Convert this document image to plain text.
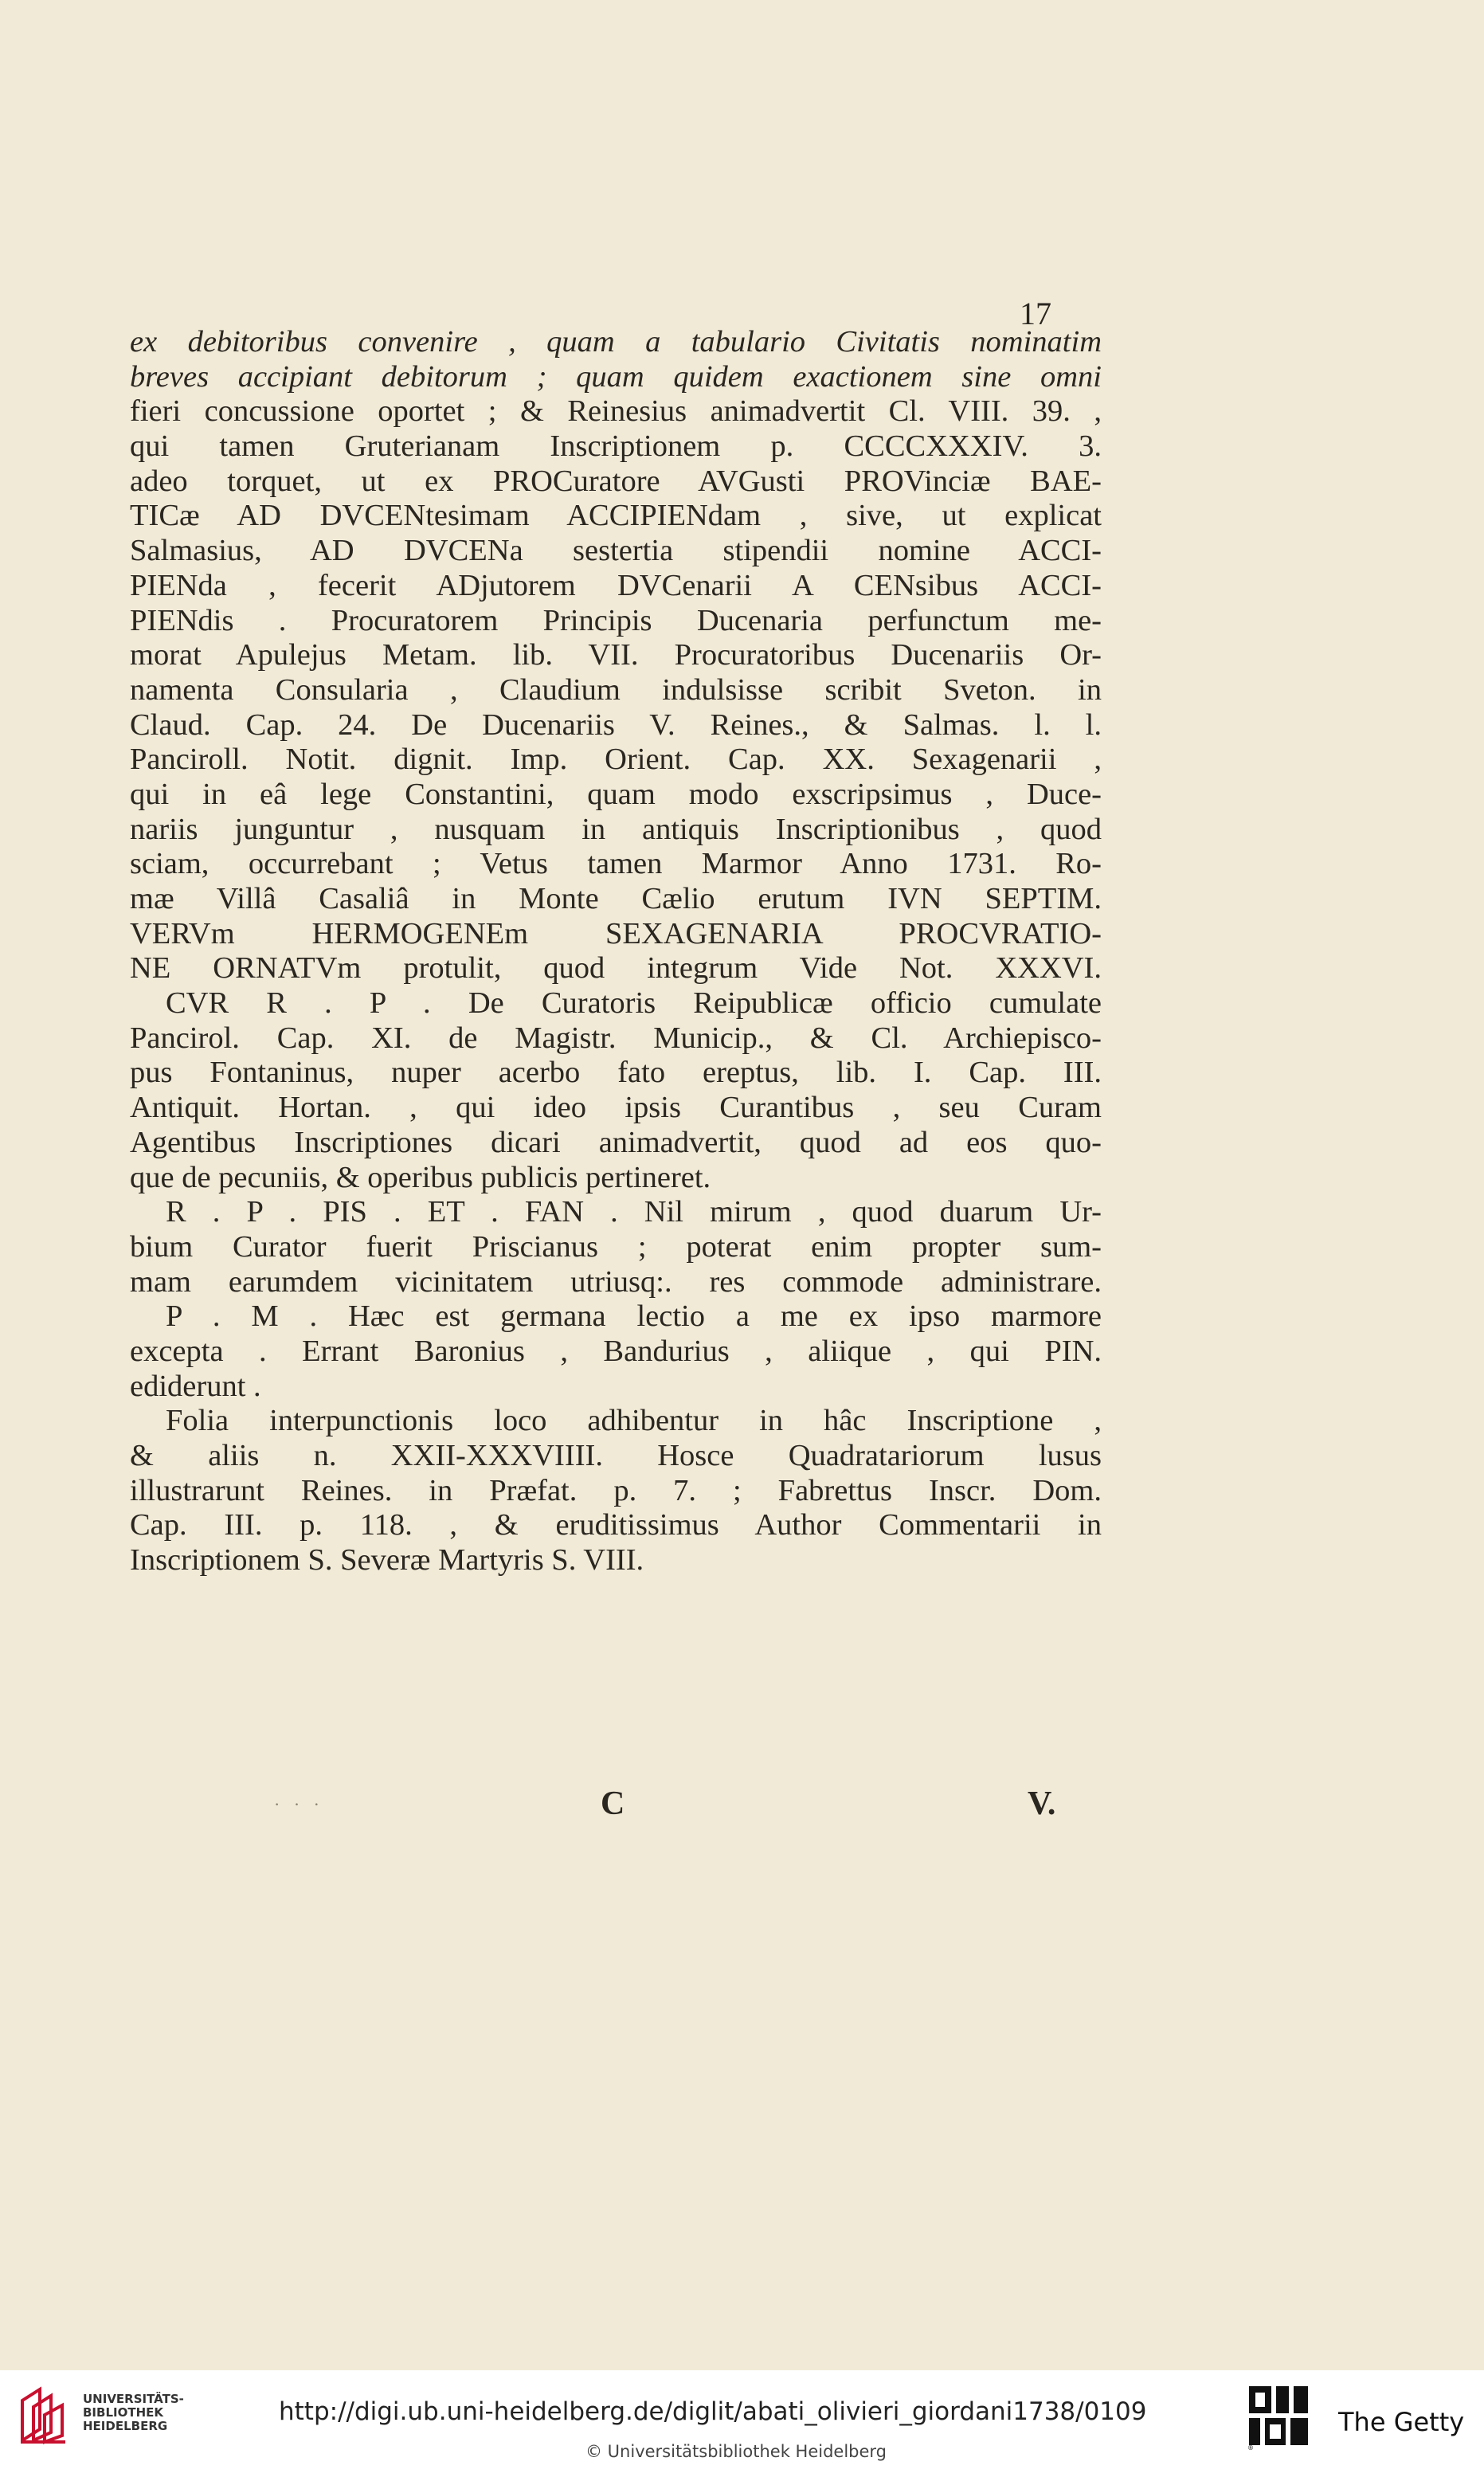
17
ex debitoribus convenire , quam a tabulario Civitatis nominatim
breves accipiant debitorum ; quam quidem exactionem sine omni
fieri concussione oportet ; & Reinesius animadvertit Cl. VIII. 39. ,
qui tamen Gruterianam Inscriptionem p. CCCCXXXIV. 3.
adeo torquet, ut ex PROCuratore AVGusti PROVinciæ BAE-
TICæ AD DVCENtesimam ACCIPIENdam , sive, ut explicat
Salmasius, AD DVCENa sestertia stipendii nomine ACCI-
PIENda , fecerit ADjutorem DVCenarii A CENsibus ACCI-
PIENdis . Procuratorem Principis Ducenaria perfunctum me-
morat Apulejus Metam. lib. VII. Procuratoribus Ducenariis Or-
namenta Consularia , Claudium indulsisse scribit Sveton. in
Claud. Cap. 24. De Ducenariis V. Reines., & Salmas. l. l.
Panciroll. Notit. dignit. Imp. Orient. Cap. XX. Sexagenarii ,
qui in eâ lege Constantini, quam modo exscripsimus , Duce-
nariis junguntur , nusquam in antiquis Inscriptionibus , quod
sciam, occurrebant ; Vetus tamen Marmor Anno 1731. Ro-
mæ Villâ Casaliâ in Monte Cælio erutum IVN SEPTIM.
VERVm HERMOGENEm SEXAGENARIA PROCVRATIO-
NE ORNATVm protulit, quod integrum Vide Not. XXXVI.
CVR R . P . De Curatoris Reipublicæ officio cumulate
Pancirol. Cap. XI. de Magistr. Municip., & Cl. Archiepisco-
pus Fontaninus, nuper acerbo fato ereptus, lib. I. Cap. III.
Antiquit. Hortan. , qui ideo ipsis Curantibus , seu Curam
Agentibus Inscriptiones dicari animadvertit, quod ad eos quo-
que de pecuniis, & operibus publicis pertineret.
R . P . PIS . ET . FAN . Nil mirum , quod duarum Ur-
bium Curator fuerit Priscianus ; poterat enim propter sum-
mam earumdem vicinitatem utriusq:. res commode administrare.
P . M . Hæc est germana lectio a me ex ipso marmore
excepta . Errant Baronius , Bandurius , aliique , qui PIN.
ediderunt .
Folia interpunctionis loco adhibentur in hâc Inscriptione ,
& aliis n. XXII-XXXVIIII. Hosce Quadratariorum lusus
illustrarunt Reines. in Præfat. p. 7. ; Fabrettus Inscr. Dom.
Cap. III. p. 118. , & eruditissimus Author Commentarii in
Inscriptionem S. Severæ Martyris S. VIII.
· · ·	C	V.
UNIVERSITÄTS-
BIBLIOTHEK
HEIDELBERG	http://digi.ub.uni-heidelberg.de/diglit/abati_olivieri_giordani1738/0109
© Universitätsbibliothek Heidelberg	®
The Getty
